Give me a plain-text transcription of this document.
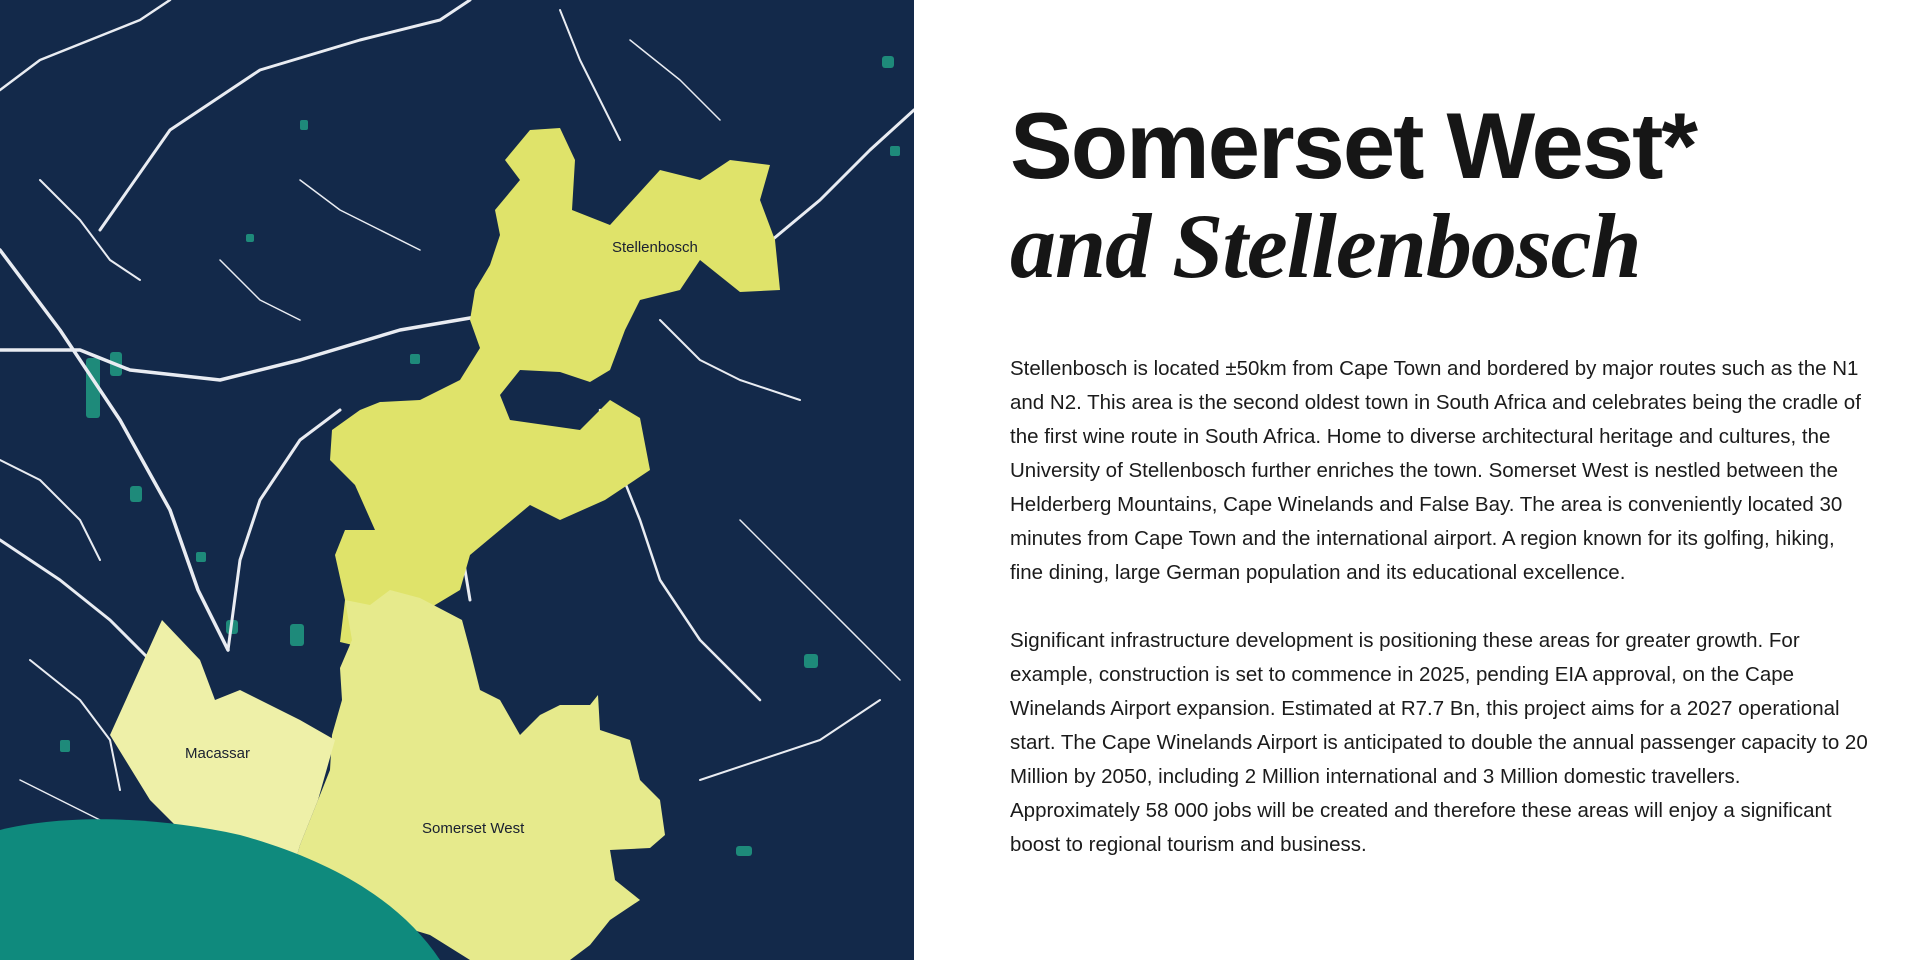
Stellenbosch
Macassar
Somerset West
Somerset West*
and Stellenbosch

Stellenbosch is located ±50km from Cape Town and bordered by major routes such as the N1 and N2. This area is the second oldest town in South Africa and celebrates being the cradle of the first wine route in South Africa. Home to diverse architectural heritage and cultures, the University of Stellenbosch further enriches the town. Somerset West is nestled between the Helderberg Mountains, Cape Winelands and False Bay. The area is conveniently located 30 minutes from Cape Town and the international airport. A region known for its golfing, hiking, fine dining, large German population and its educational excellence.

Significant infrastructure development is positioning these areas for greater growth. For example, construction is set to commence in 2025, pending EIA approval, on the Cape Winelands Airport expansion. Estimated at R7.7 Bn, this project aims for a 2027 operational start. The Cape Winelands Airport is anticipated to double the annual passenger capacity to 20 Million by 2050, including 2 Million international and 3 Million domestic travellers. Approximately 58 000 jobs will be created and therefore these areas will enjoy a significant boost to regional tourism and business.
